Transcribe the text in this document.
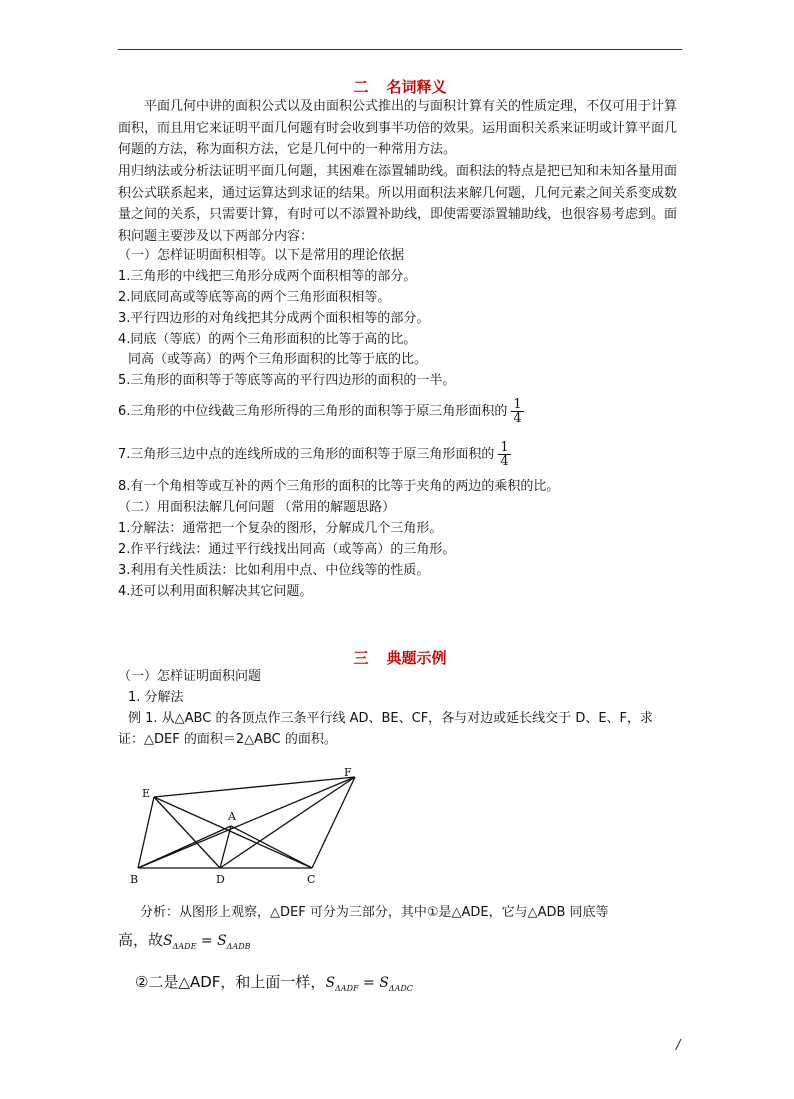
二 名词释义
平面几何中讲的面积公式以及由面积公式推出的与面积计算有关的性质定理，不仅可用于计算面积，而且用它来证明平面几何题有时会收到事半功倍的效果。运用面积关系来证明或计算平面几何题的方法，称为面积方法，它是几何中的一种常用方法。
用归纳法或分析法证明平面几何题，其困难在添置辅助线。面积法的特点是把已知和未知各量用面积公式联系起来，通过运算达到求证的结果。所以用面积法来解几何题，几何元素之间关系变成数量之间的关系，只需要计算，有时可以不添置补助线，即使需要添置辅助线，也很容易考虑到。面积问题主要涉及以下两部分内容：
（一）怎样证明面积相等。以下是常用的理论依据
1.三角形的中线把三角形分成两个面积相等的部分。
2.同底同高或等底等高的两个三角形面积相等。
3.平行四边形的对角线把其分成两个面积相等的部分。
4.同底（等底）的两个三角形面积的比等于高的比。
同高（或等高）的两个三角形面积的比等于底的比。
5.三角形的面积等于等底等高的平行四边形的面积的一半。
6.三角形的中位线截三角形所得的三角形的面积等于原三角形面积的 $\frac{1}{4}$
7.三角形三边中点的连线所成的三角形的面积等于原三角形面积的 $\frac{1}{4}$
8.有一个角相等或互补的两个三角形的面积的比等于夹角的两边的乘积的比。
（二）用面积法解几何问题 （常用的解题思路）
1.分解法：通常把一个复杂的图形，分解成几个三角形。
2.作平行线法：通过平行线找出同高（或等高）的三角形。
3.利用有关性质法：比如利用中点、中位线等的性质。
4.还可以利用面积解决其它问题。
三 典题示例
（一）怎样证明面积问题
1. 分解法
例 1. 从△ABC 的各顶点作三条平行线 AD、BE、CF，各与对边或延长线交于 D、E、F，求
证：△DEF 的面积＝2△ABC 的面积。
E
F
A
B	D	C
分析：从图形上观察，△DEF 可分为三部分，其中①是△ADE，它与△ADB 同底等
高，故$S_{\Delta ADE} = S_{\Delta ADB}$
②二是△ADF，和上面一样，$S_{\Delta ADF} = S_{\Delta ADC}$
/
